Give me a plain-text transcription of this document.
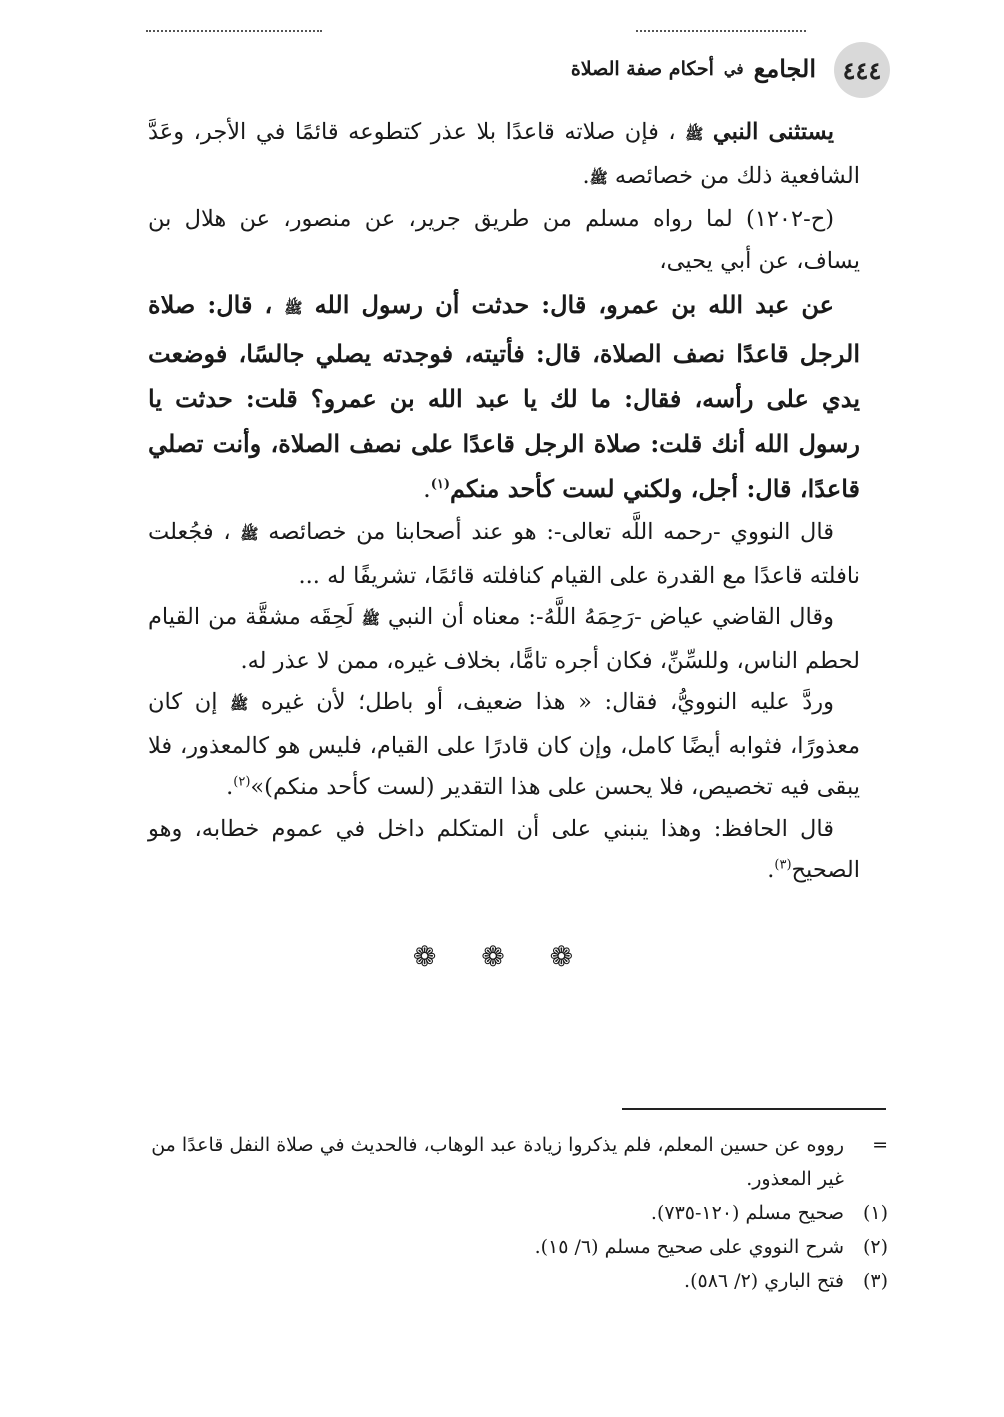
٤٤٤
الجامع
في
أحكام صفة الصلاة

يستثنى النبي ﷺ ، فإن صلاته قاعدًا بلا عذر كتطوعه قائمًا في الأجر، وعَدَّ الشافعية ذلك من خصائصه ﷺ.

(ح-١٢٠٢) لما رواه مسلم من طريق جرير، عن منصور، عن هلال بن يساف، عن أبي يحيى،

عن عبد الله بن عمرو، قال: حدثت أن رسول الله ﷺ ، قال: صلاة الرجل قاعدًا نصف الصلاة، قال: فأتيته، فوجدته يصلي جالسًا، فوضعت يدي على رأسه، فقال: ما لك يا عبد الله بن عمرو؟ قلت: حدثت يا رسول الله أنك قلت: صلاة الرجل قاعدًا على نصف الصلاة، وأنت تصلي قاعدًا، قال: أجل، ولكني لست كأحد منكم$^{(١)}$.

قال النووي -رحمه اللَّه تعالى-: هو عند أصحابنا من خصائصه ﷺ ، فجُعلت نافلته قاعدًا مع القدرة على القيام كنافلته قائمًا، تشريفًا له ...

وقال القاضي عياض -رَحِمَهُ اللَّهُ-: معناه أن النبي ﷺ لَحِقَه مشقَّة من القيام لحطم الناس، وللسِّنِّ، فكان أجره تامًّا، بخلاف غيره، ممن لا عذر له.

وردَّ عليه النوويُّ، فقال: « هذا ضعيف، أو باطل؛ لأن غيره ﷺ إن كان معذورًا، فثوابه أيضًا كامل، وإن كان قادرًا على القيام، فليس هو كالمعذور، فلا يبقى فيه تخصيص، فلا يحسن على هذا التقدير (لست كأحد منكم)»$^{(٢)}$.

قال الحافظ: وهذا ينبني على أن المتكلم داخل في عموم خطابه، وهو الصحيح$^{(٣)}$.

❁ ❁ ❁
=
رووه عن حسين المعلم، فلم يذكروا زيادة عبد الوهاب، فالحديث في صلاة النفل قاعدًا من غير المعذور.
(١)
صحيح مسلم (١٢٠-٧٣٥).
(٢)
شرح النووي على صحيح مسلم (٦/ ١٥).
(٣)
فتح الباري (٢/ ٥٨٦).
